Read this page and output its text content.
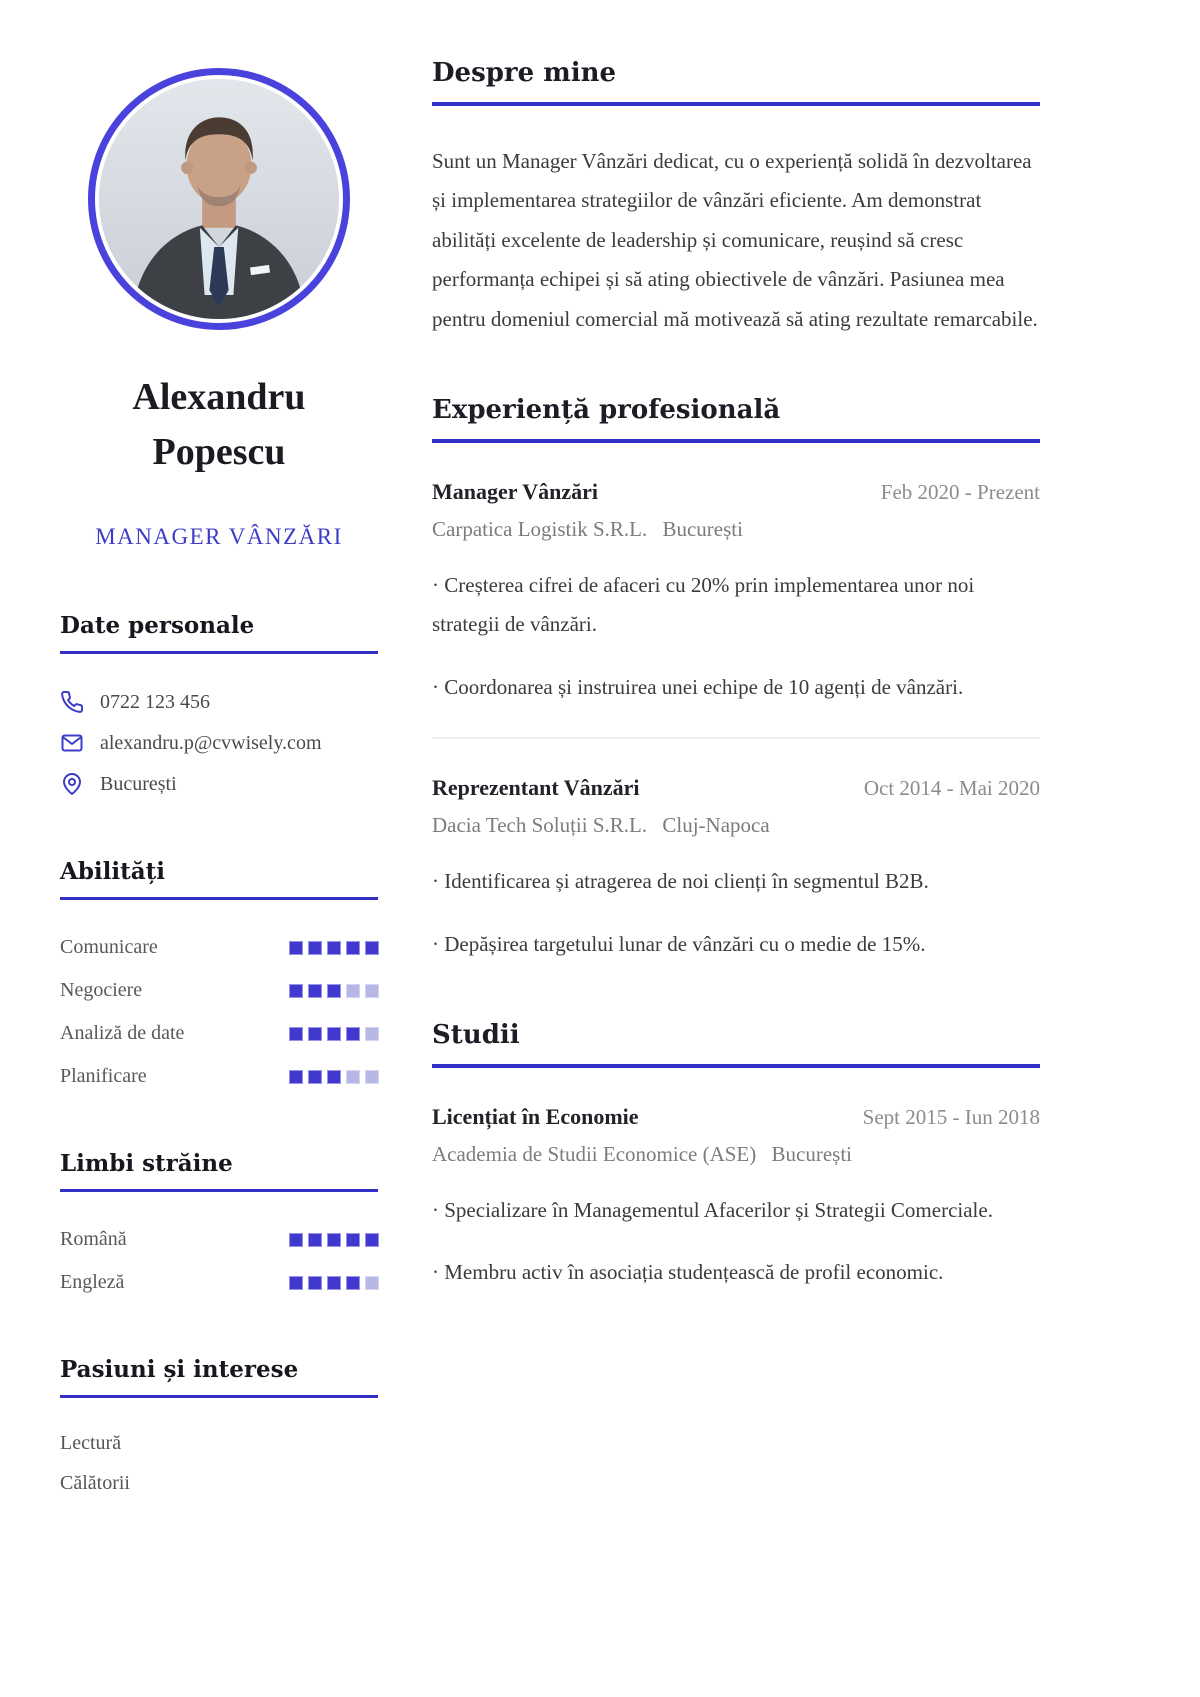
Alexandru
Popescu
MANAGER VÂNZĂRI
Date personale
0722 123 456
alexandru.p@cvwisely.com
București
Abilități
Comunicare
Negociere
Analiză de date
Planificare
Limbi străine
Română
Engleză
Pasiuni și interese
Lectură
Călătorii
Despre mine

Sunt un Manager Vânzări dedicat, cu o experiență solidă în dezvoltarea și implementarea strategiilor de vânzări eficiente. Am demonstrat abilități excelente de leadership și comunicare, reușind să cresc performanța echipei și să ating obiectivele de vânzări. Pasiunea mea pentru domeniul comercial mă motivează să ating rezultate remarcabile.

Experiență profesională
Manager Vânzări	Feb 2020 - Prezent
Carpatica Logistik S.R.L. București

· Creșterea cifrei de afaceri cu 20% prin implementarea unor noi strategii de vânzări.

· Coordonarea și instruirea unei echipe de 10 agenți de vânzări.

Reprezentant Vânzări	Oct 2014 - Mai 2020
Dacia Tech Soluții S.R.L. Cluj-Napoca

· Identificarea și atragerea de noi clienți în segmentul B2B.

· Depășirea targetului lunar de vânzări cu o medie de 15%.

Studii
Licențiat în Economie	Sept 2015 - Iun 2018
Academia de Studii Economice (ASE) București

· Specializare în Managementul Afacerilor și Strategii Comerciale.

· Membru activ în asociația studențească de profil economic.
